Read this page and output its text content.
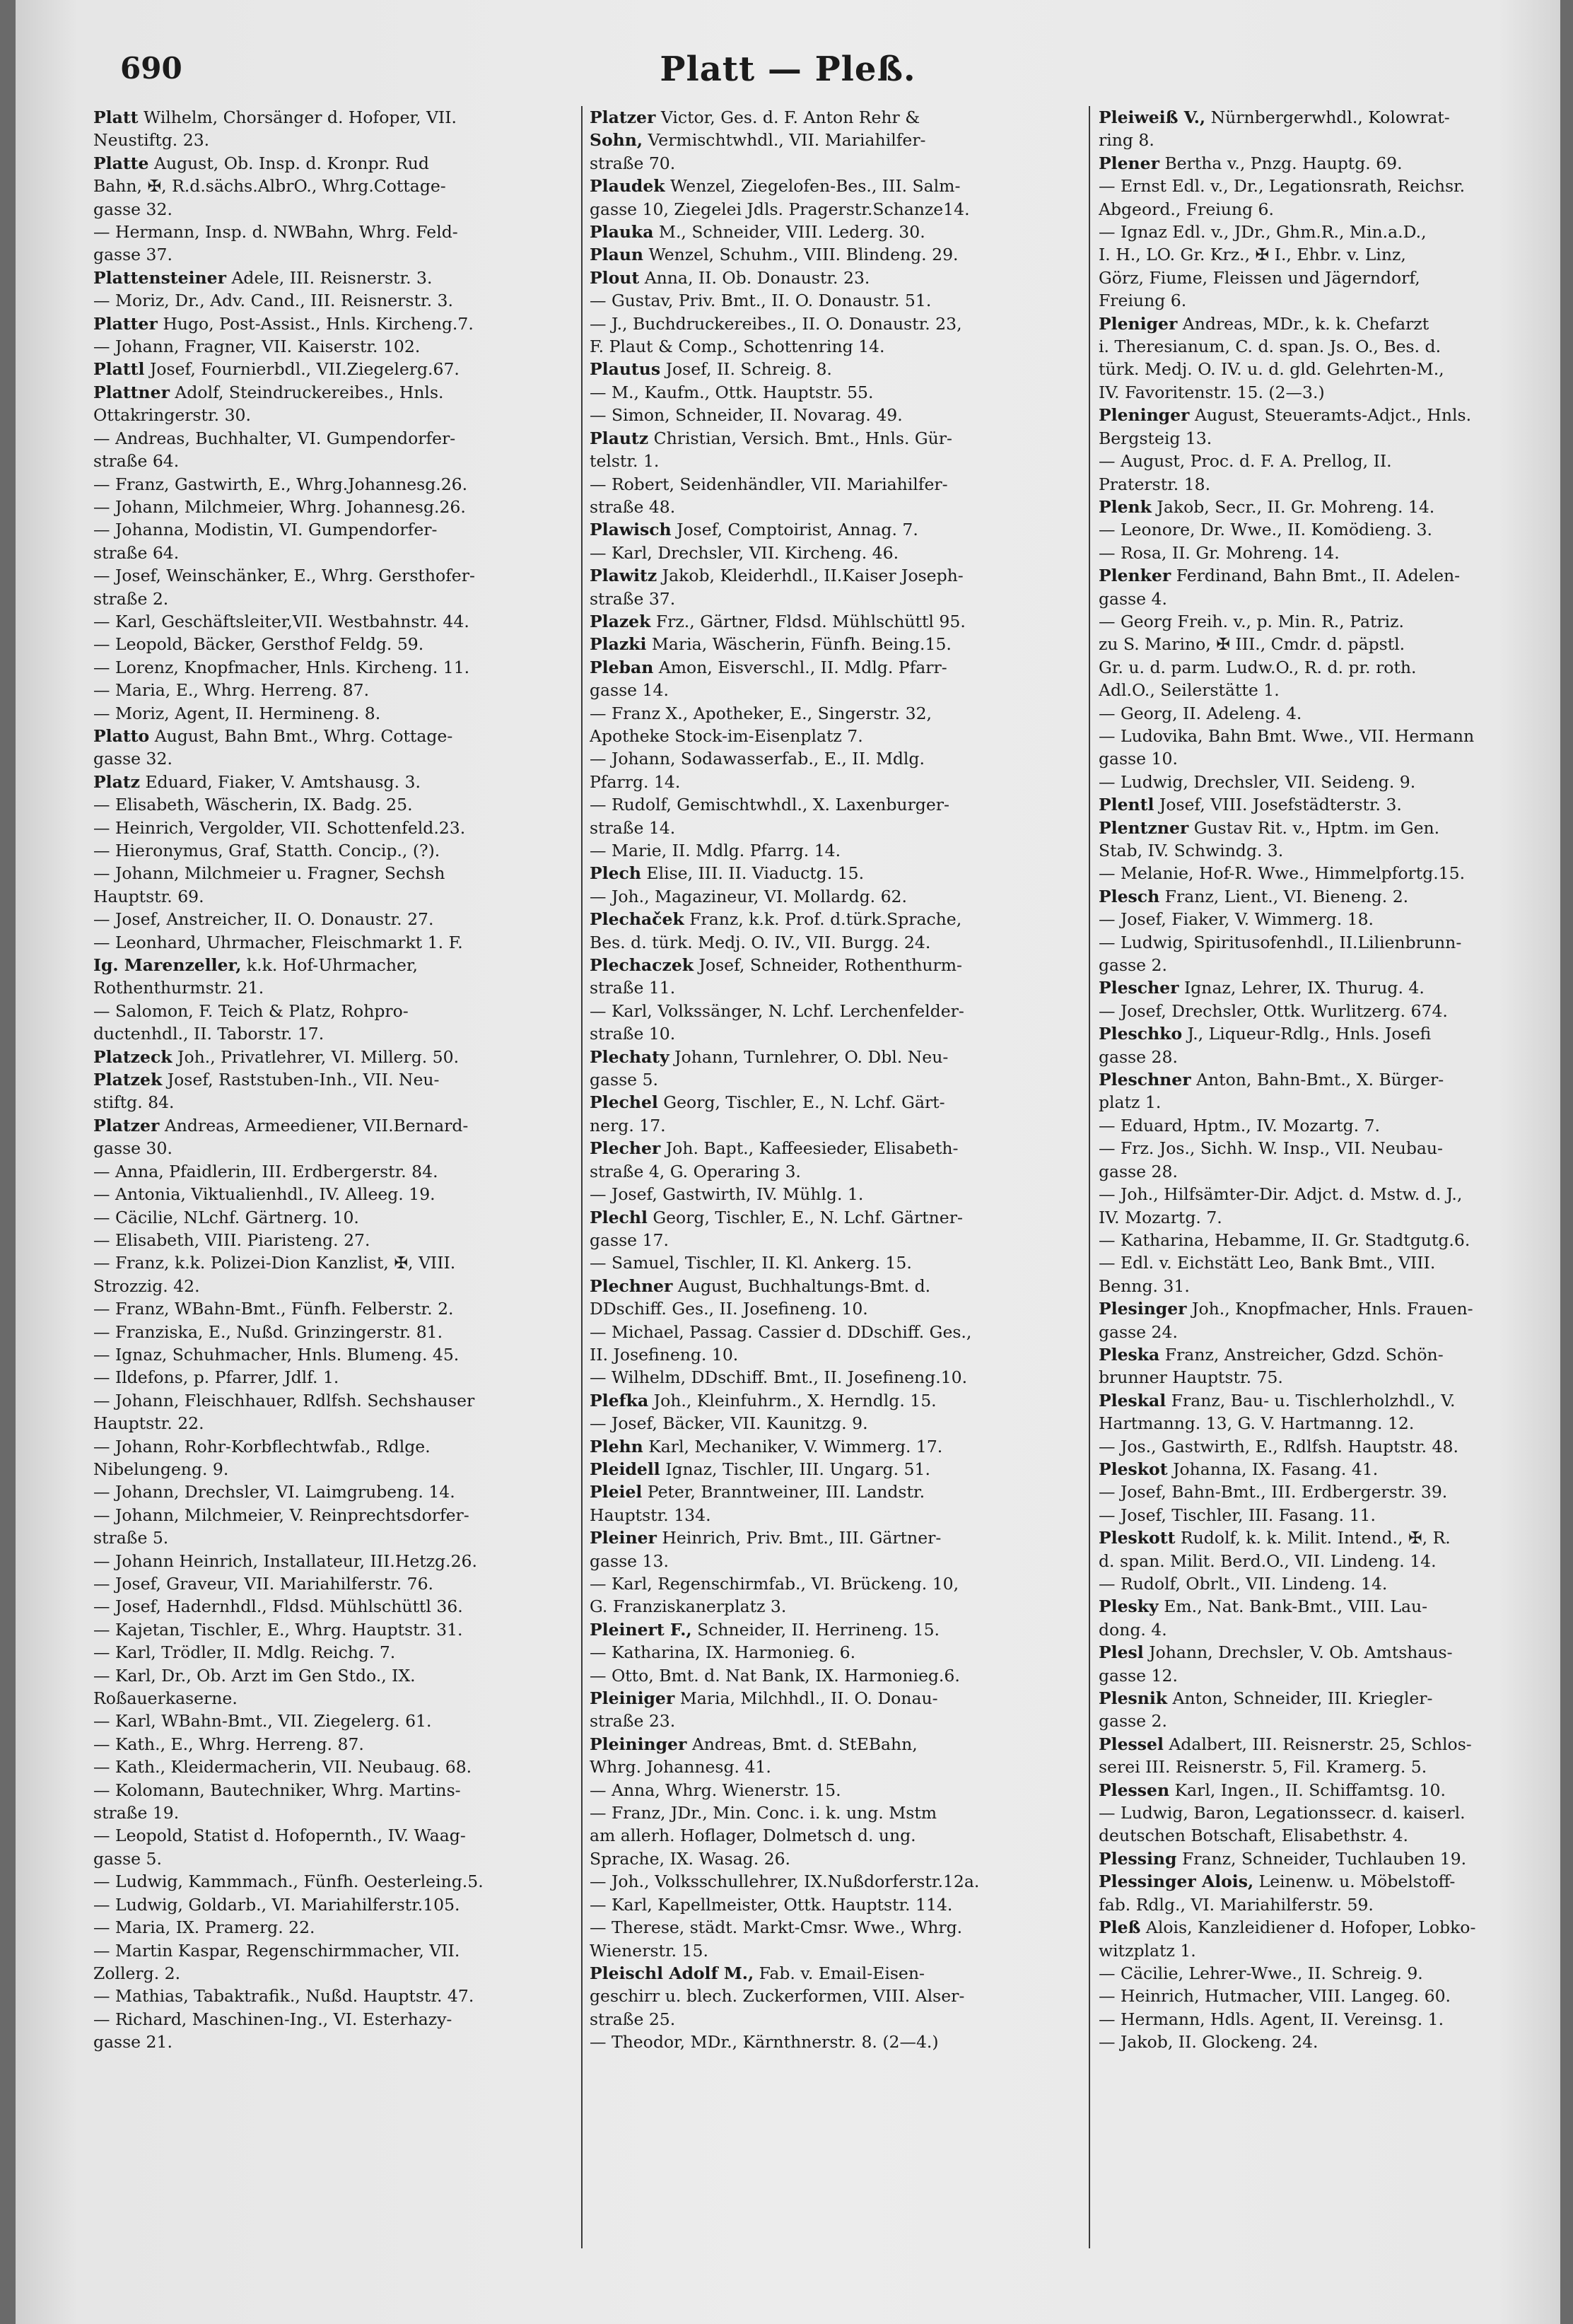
690	Platt — Pleß.
Platt Wilhelm, Chorsänger d. Hofoper, VII.
Neustiftg. 23.
Platte August, Ob. Insp. d. Kronpr. Rud
Bahn, ✠, R.d.sächs.AlbrO., Whrg.Cottage-
gasse 32.
— Hermann, Insp. d. NWBahn, Whrg. Feld-
gasse 37.
Plattensteiner Adele, III. Reisnerstr. 3.
— Moriz, Dr., Adv. Cand., III. Reisnerstr. 3.
Platter Hugo, Post-Assist., Hnls. Kircheng.7.
— Johann, Fragner, VII. Kaiserstr. 102.
Plattl Josef, Fournierbdl., VII.Ziegelerg.67.
Plattner Adolf, Steindruckereibes., Hnls.
Ottakringerstr. 30.
— Andreas, Buchhalter, VI. Gumpendorfer-
straße 64.
— Franz, Gastwirth, E., Whrg.Johannesg.26.
— Johann, Milchmeier, Whrg. Johannesg.26.
— Johanna, Modistin, VI. Gumpendorfer-
straße 64.
— Josef, Weinschänker, E., Whrg. Gersthofer-
straße 2.
— Karl, Geschäftsleiter,VII. Westbahnstr. 44.
— Leopold, Bäcker, Gersthof Feldg. 59.
— Lorenz, Knopfmacher, Hnls. Kircheng. 11.
— Maria, E., Whrg. Herreng. 87.
— Moriz, Agent, II. Hermineng. 8.
Platto August, Bahn Bmt., Whrg. Cottage-
gasse 32.
Platz Eduard, Fiaker, V. Amtshausg. 3.
— Elisabeth, Wäscherin, IX. Badg. 25.
— Heinrich, Vergolder, VII. Schottenfeld.23.
— Hieronymus, Graf, Statth. Concip., (?).
— Johann, Milchmeier u. Fragner, Sechsh
Hauptstr. 69.
— Josef, Anstreicher, II. O. Donaustr. 27.
— Leonhard, Uhrmacher, Fleischmarkt 1. F.
Ig. Marenzeller, k.k. Hof-Uhrmacher,
Rothenthurmstr. 21.
— Salomon, F. Teich & Platz, Rohpro-
ductenhdl., II. Taborstr. 17.
Platzeck Joh., Privatlehrer, VI. Millerg. 50.
Platzek Josef, Raststuben-Inh., VII. Neu-
stiftg. 84.
Platzer Andreas, Armeediener, VII.Bernard-
gasse 30.
— Anna, Pfaidlerin, III. Erdbergerstr. 84.
— Antonia, Viktualienhdl., IV. Alleeg. 19.
— Cäcilie, NLchf. Gärtnerg. 10.
— Elisabeth, VIII. Piaristeng. 27.
— Franz, k.k. Polizei-Dion Kanzlist, ✠, VIII.
Strozzig. 42.
— Franz, WBahn-Bmt., Fünfh. Felberstr. 2.
— Franziska, E., Nußd. Grinzingerstr. 81.
— Ignaz, Schuhmacher, Hnls. Blumeng. 45.
— Ildefons, p. Pfarrer, Jdlf. 1.
— Johann, Fleischhauer, Rdlfsh. Sechshauser
Hauptstr. 22.
— Johann, Rohr-Korbflechtwfab., Rdlge.
Nibelungeng. 9.
— Johann, Drechsler, VI. Laimgrubeng. 14.
— Johann, Milchmeier, V. Reinprechtsdorfer-
straße 5.
— Johann Heinrich, Installateur, III.Hetzg.26.
— Josef, Graveur, VII. Mariahilferstr. 76.
— Josef, Hadernhdl., Fldsd. Mühlschüttl 36.
— Kajetan, Tischler, E., Whrg. Hauptstr. 31.
— Karl, Trödler, II. Mdlg. Reichg. 7.
— Karl, Dr., Ob. Arzt im Gen Stdo., IX.
Roßauerkaserne.
— Karl, WBahn-Bmt., VII. Ziegelerg. 61.
— Kath., E., Whrg. Herreng. 87.
— Kath., Kleidermacherin, VII. Neubaug. 68.
— Kolomann, Bautechniker, Whrg. Martins-
straße 19.
— Leopold, Statist d. Hofopernth., IV. Waag-
gasse 5.
— Ludwig, Kammmach., Fünfh. Oesterleing.5.
— Ludwig, Goldarb., VI. Mariahilferstr.105.
— Maria, IX. Pramerg. 22.
— Martin Kaspar, Regenschirmmacher, VII.
Zollerg. 2.
— Mathias, Tabaktrafik., Nußd. Hauptstr. 47.
— Richard, Maschinen-Ing., VI. Esterhazy-
gasse 21.
Platzer Victor, Ges. d. F. Anton Rehr &
Sohn, Vermischtwhdl., VII. Mariahilfer-
straße 70.
Plaudek Wenzel, Ziegelofen-Bes., III. Salm-
gasse 10, Ziegelei Jdls. Pragerstr.Schanze14.
Plauka M., Schneider, VIII. Lederg. 30.
Plaun Wenzel, Schuhm., VIII. Blindeng. 29.
Plout Anna, II. Ob. Donaustr. 23.
— Gustav, Priv. Bmt., II. O. Donaustr. 51.
— J., Buchdruckereibes., II. O. Donaustr. 23,
F. Plaut & Comp., Schottenring 14.
Plautus Josef, II. Schreig. 8.
— M., Kaufm., Ottk. Hauptstr. 55.
— Simon, Schneider, II. Novarag. 49.
Plautz Christian, Versich. Bmt., Hnls. Gür-
telstr. 1.
— Robert, Seidenhändler, VII. Mariahilfer-
straße 48.
Plawisch Josef, Comptoirist, Annag. 7.
— Karl, Drechsler, VII. Kircheng. 46.
Plawitz Jakob, Kleiderhdl., II.Kaiser Joseph-
straße 37.
Plazek Frz., Gärtner, Fldsd. Mühlschüttl 95.
Plazki Maria, Wäscherin, Fünfh. Being.15.
Pleban Amon, Eisverschl., II. Mdlg. Pfarr-
gasse 14.
— Franz X., Apotheker, E., Singerstr. 32,
Apotheke Stock-im-Eisenplatz 7.
— Johann, Sodawasserfab., E., II. Mdlg.
Pfarrg. 14.
— Rudolf, Gemischtwhdl., X. Laxenburger-
straße 14.
— Marie, II. Mdlg. Pfarrg. 14.
Plech Elise, III. II. Viaductg. 15.
— Joh., Magazineur, VI. Mollardg. 62.
Plechaček Franz, k.k. Prof. d.türk.Sprache,
Bes. d. türk. Medj. O. IV., VII. Burgg. 24.
Plechaczek Josef, Schneider, Rothenthurm-
straße 11.
— Karl, Volkssänger, N. Lchf. Lerchenfelder-
straße 10.
Plechaty Johann, Turnlehrer, O. Dbl. Neu-
gasse 5.
Plechel Georg, Tischler, E., N. Lchf. Gärt-
nerg. 17.
Plecher Joh. Bapt., Kaffeesieder, Elisabeth-
straße 4, G. Operaring 3.
— Josef, Gastwirth, IV. Mühlg. 1.
Plechl Georg, Tischler, E., N. Lchf. Gärtner-
gasse 17.
— Samuel, Tischler, II. Kl. Ankerg. 15.
Plechner August, Buchhaltungs-Bmt. d.
DDschiff. Ges., II. Josefineng. 10.
— Michael, Passag. Cassier d. DDschiff. Ges.,
II. Josefineng. 10.
— Wilhelm, DDschiff. Bmt., II. Josefineng.10.
Plefka Joh., Kleinfuhrm., X. Herndlg. 15.
— Josef, Bäcker, VII. Kaunitzg. 9.
Plehn Karl, Mechaniker, V. Wimmerg. 17.
Pleidell Ignaz, Tischler, III. Ungarg. 51.
Pleiel Peter, Branntweiner, III. Landstr.
Hauptstr. 134.
Pleiner Heinrich, Priv. Bmt., III. Gärtner-
gasse 13.
— Karl, Regenschirmfab., VI. Brückeng. 10,
G. Franziskanerplatz 3.
Pleinert F., Schneider, II. Herrineng. 15.
— Katharina, IX. Harmonieg. 6.
— Otto, Bmt. d. Nat Bank, IX. Harmonieg.6.
Pleiniger Maria, Milchhdl., II. O. Donau-
straße 23.
Pleininger Andreas, Bmt. d. StEBahn,
Whrg. Johannesg. 41.
— Anna, Whrg. Wienerstr. 15.
— Franz, JDr., Min. Conc. i. k. ung. Mstm
am allerh. Hoflager, Dolmetsch d. ung.
Sprache, IX. Wasag. 26.
— Joh., Volksschullehrer, IX.Nußdorferstr.12a.
— Karl, Kapellmeister, Ottk. Hauptstr. 114.
— Therese, städt. Markt-Cmsr. Wwe., Whrg.
Wienerstr. 15.
Pleischl Adolf M., Fab. v. Email-Eisen-
geschirr u. blech. Zuckerformen, VIII. Alser-
straße 25.
— Theodor, MDr., Kärnthnerstr. 8. (2—4.)
Pleiweiß V., Nürnbergerwhdl., Kolowrat-
ring 8.
Plener Bertha v., Pnzg. Hauptg. 69.
— Ernst Edl. v., Dr., Legationsrath, Reichsr.
Abgeord., Freiung 6.
— Ignaz Edl. v., JDr., Ghm.R., Min.a.D.,
I. H., LO. Gr. Krz., ✠ I., Ehbr. v. Linz,
Görz, Fiume, Fleissen und Jägerndorf,
Freiung 6.
Pleniger Andreas, MDr., k. k. Chefarzt
i. Theresianum, C. d. span. Js. O., Bes. d.
türk. Medj. O. IV. u. d. gld. Gelehrten-M.,
IV. Favoritenstr. 15. (2—3.)
Pleninger August, Steueramts-Adjct., Hnls.
Bergsteig 13.
— August, Proc. d. F. A. Prellog, II.
Praterstr. 18.
Plenk Jakob, Secr., II. Gr. Mohreng. 14.
— Leonore, Dr. Wwe., II. Komödieng. 3.
— Rosa, II. Gr. Mohreng. 14.
Plenker Ferdinand, Bahn Bmt., II. Adelen-
gasse 4.
— Georg Freih. v., p. Min. R., Patriz.
zu S. Marino, ✠ III., Cmdr. d. päpstl.
Gr. u. d. parm. Ludw.O., R. d. pr. roth.
Adl.O., Seilerstätte 1.
— Georg, II. Adeleng. 4.
— Ludovika, Bahn Bmt. Wwe., VII. Hermann
gasse 10.
— Ludwig, Drechsler, VII. Seideng. 9.
Plentl Josef, VIII. Josefstädterstr. 3.
Plentzner Gustav Rit. v., Hptm. im Gen.
Stab, IV. Schwindg. 3.
— Melanie, Hof-R. Wwe., Himmelpfortg.15.
Plesch Franz, Lient., VI. Bieneng. 2.
— Josef, Fiaker, V. Wimmerg. 18.
— Ludwig, Spiritusofenhdl., II.Lilienbrunn-
gasse 2.
Plescher Ignaz, Lehrer, IX. Thurug. 4.
— Josef, Drechsler, Ottk. Wurlitzerg. 674.
Pleschko J., Liqueur-Rdlg., Hnls. Josefi
gasse 28.
Pleschner Anton, Bahn-Bmt., X. Bürger-
platz 1.
— Eduard, Hptm., IV. Mozartg. 7.
— Frz. Jos., Sichh. W. Insp., VII. Neubau-
gasse 28.
— Joh., Hilfsämter-Dir. Adjct. d. Mstw. d. J.,
IV. Mozartg. 7.
— Katharina, Hebamme, II. Gr. Stadtgutg.6.
— Edl. v. Eichstätt Leo, Bank Bmt., VIII.
Benng. 31.
Plesinger Joh., Knopfmacher, Hnls. Frauen-
gasse 24.
Pleska Franz, Anstreicher, Gdzd. Schön-
brunner Hauptstr. 75.
Pleskal Franz, Bau- u. Tischlerholzhdl., V.
Hartmanng. 13, G. V. Hartmanng. 12.
— Jos., Gastwirth, E., Rdlfsh. Hauptstr. 48.
Pleskot Johanna, IX. Fasang. 41.
— Josef, Bahn-Bmt., III. Erdbergerstr. 39.
— Josef, Tischler, III. Fasang. 11.
Pleskott Rudolf, k. k. Milit. Intend., ✠, R.
d. span. Milit. Berd.O., VII. Lindeng. 14.
— Rudolf, Obrlt., VII. Lindeng. 14.
Plesky Em., Nat. Bank-Bmt., VIII. Lau-
dong. 4.
Plesl Johann, Drechsler, V. Ob. Amtshaus-
gasse 12.
Plesnik Anton, Schneider, III. Kriegler-
gasse 2.
Plessel Adalbert, III. Reisnerstr. 25, Schlos-
serei III. Reisnerstr. 5, Fil. Kramerg. 5.
Plessen Karl, Ingen., II. Schiffamtsg. 10.
— Ludwig, Baron, Legationssecr. d. kaiserl.
deutschen Botschaft, Elisabethstr. 4.
Plessing Franz, Schneider, Tuchlauben 19.
Plessinger Alois, Leinenw. u. Möbelstoff-
fab. Rdlg., VI. Mariahilferstr. 59.
Pleß Alois, Kanzleidiener d. Hofoper, Lobko-
witzplatz 1.
— Cäcilie, Lehrer-Wwe., II. Schreig. 9.
— Heinrich, Hutmacher, VIII. Langeg. 60.
— Hermann, Hdls. Agent, II. Vereinsg. 1.
— Jakob, II. Glockeng. 24.
